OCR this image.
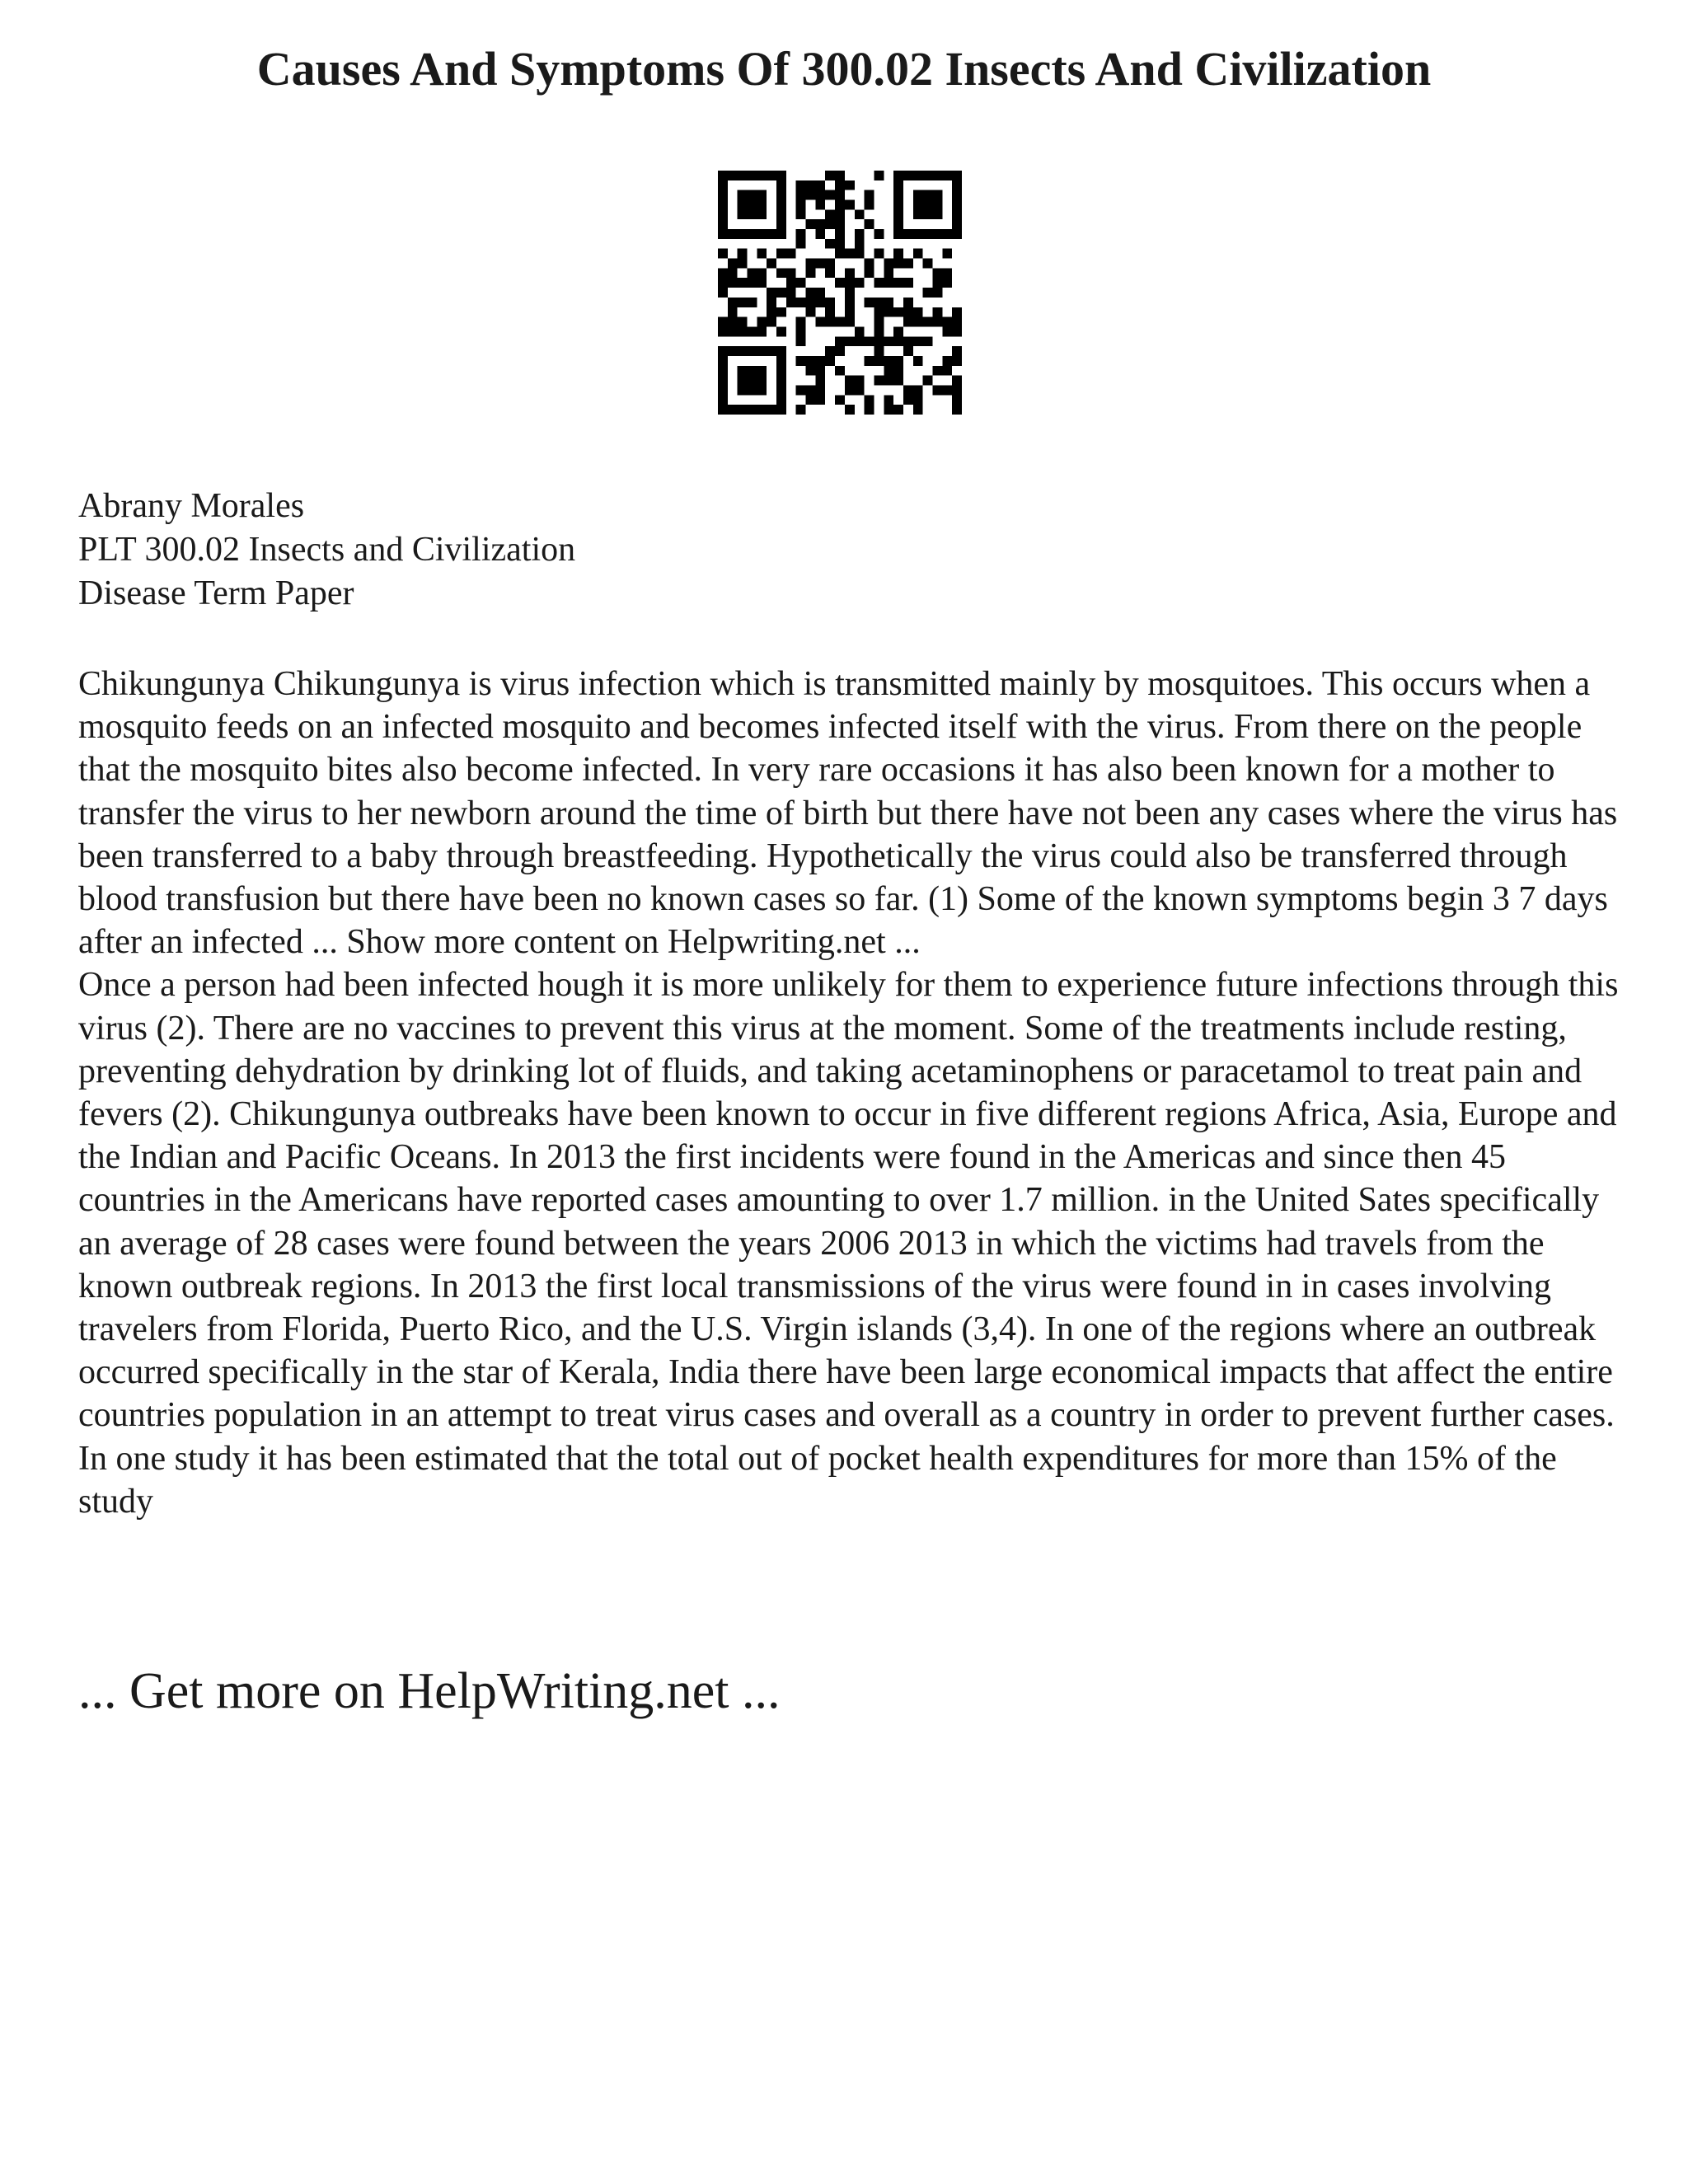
Causes And Symptoms Of 300.02 Insects And Civilization
Abrany Morales
PLT 300.02 Insects and Civilization
Disease Term Paper

Chikungunya Chikungunya is virus infection which is transmitted mainly by mosquitoes. This occurs when a mosquito feeds on an infected mosquito and becomes infected itself with the virus. From there on the people that the mosquito bites also become infected. In very rare occasions it has also been known for a mother to transfer the virus to her newborn around the time of birth but there have not been any cases where the virus has been transferred to a baby through breastfeeding. Hypothetically the virus could also be transferred through blood transfusion but there have been no known cases so far. (1) Some of the known symptoms begin 3 7 days after an infected ... Show more content on Helpwriting.net ...

Once a person had been infected hough it is more unlikely for them to experience future infections through this virus (2). There are no vaccines to prevent this virus at the moment. Some of the treatments include resting, preventing dehydration by drinking lot of fluids, and taking acetaminophens or paracetamol to treat pain and fevers (2). Chikungunya outbreaks have been known to occur in five different regions Africa, Asia, Europe and the Indian and Pacific Oceans. In 2013 the first incidents were found in the Americas and since then 45 countries in the Americans have reported cases amounting to over 1.7 million. in the United Sates specifically an average of 28 cases were found between the years 2006 2013 in which the victims had travels from the known outbreak regions. In 2013 the first local transmissions of the virus were found in in cases involving travelers from Florida, Puerto Rico, and the U.S. Virgin islands (3,4). In one of the regions where an outbreak occurred specifically in the star of Kerala, India there have been large economical impacts that affect the entire countries population in an attempt to treat virus cases and overall as a country in order to prevent further cases. In one study it has been estimated that the total out of pocket health expenditures for more than 15% of the study

... Get more on HelpWriting.net ...
